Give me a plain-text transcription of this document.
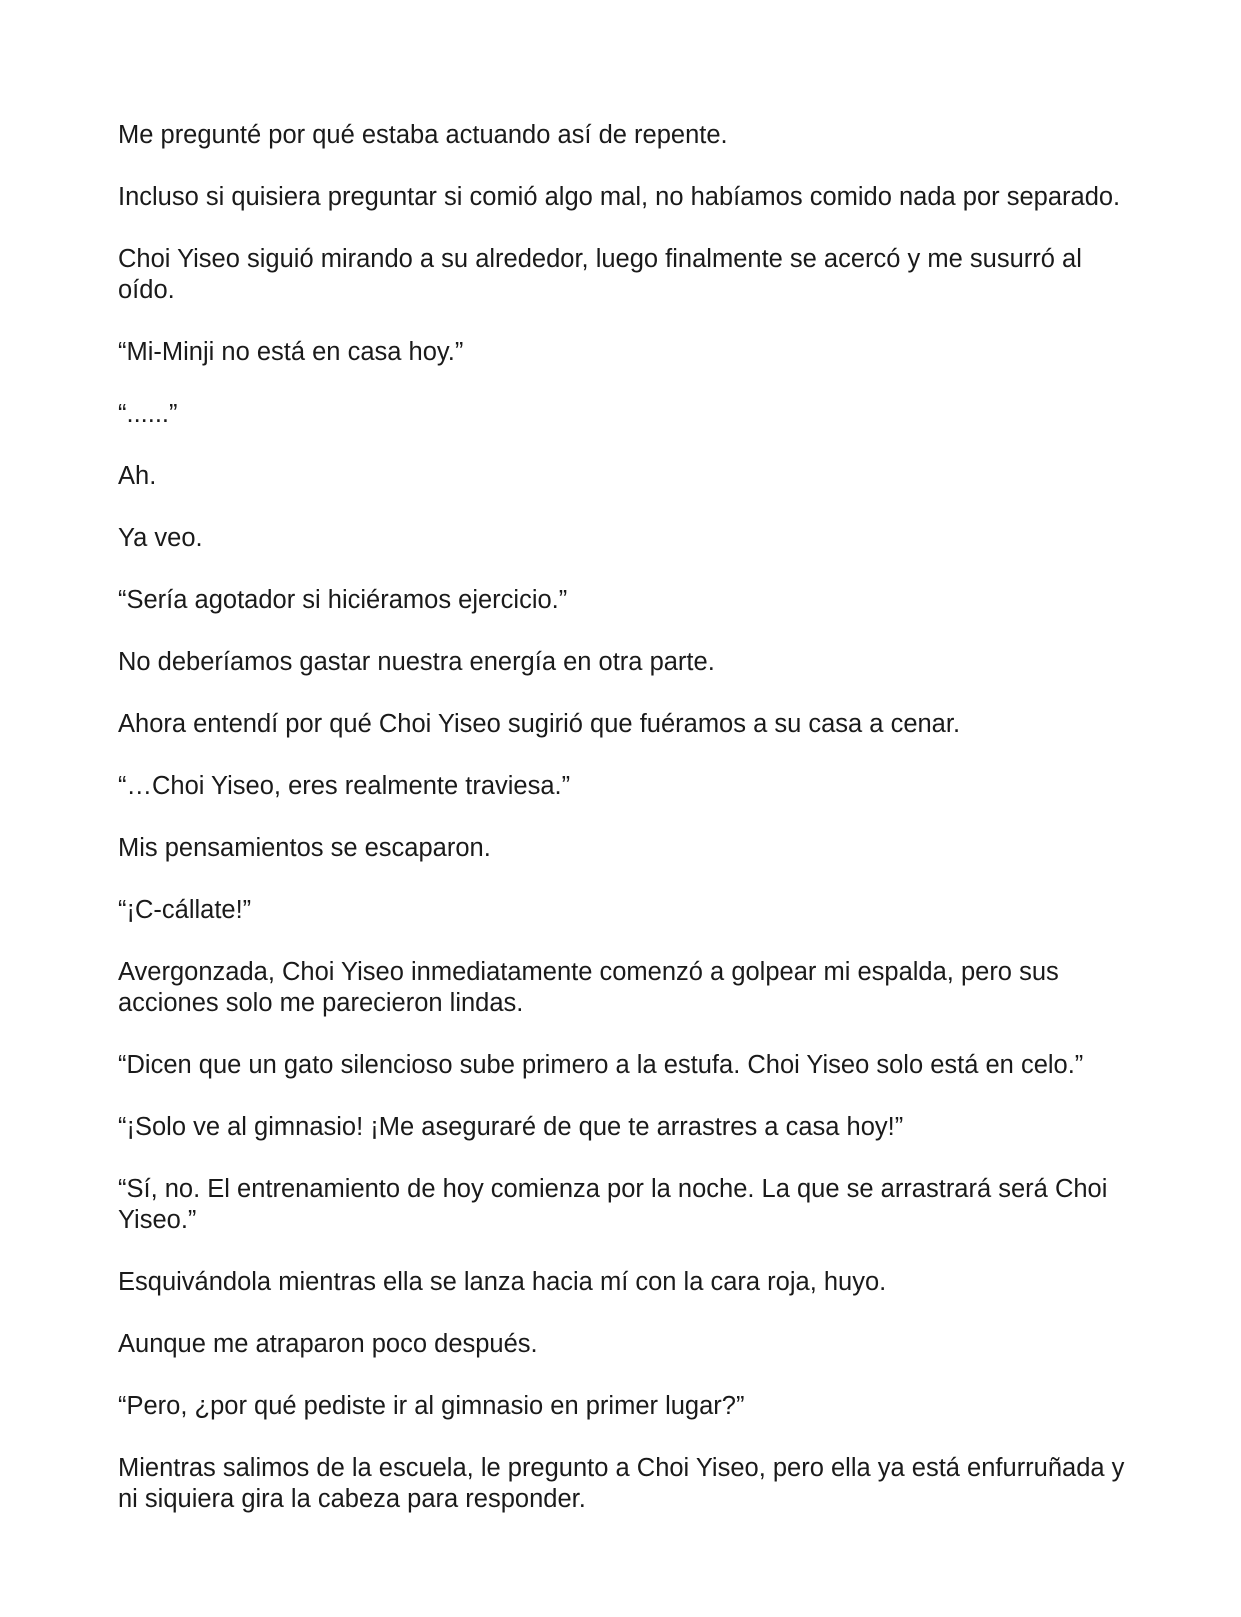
Me pregunté por qué estaba actuando así de repente.

Incluso si quisiera preguntar si comió algo mal, no habíamos comido nada por separado.

Choi Yiseo siguió mirando a su alrededor, luego finalmente se acercó y me susurró al oído.

“Mi-Minji no está en casa hoy.”

“......”

Ah.

Ya veo.

“Sería agotador si hiciéramos ejercicio.”

No deberíamos gastar nuestra energía en otra parte.

Ahora entendí por qué Choi Yiseo sugirió que fuéramos a su casa a cenar.

“…Choi Yiseo, eres realmente traviesa.”

Mis pensamientos se escaparon.

“¡C-cállate!”

Avergonzada, Choi Yiseo inmediatamente comenzó a golpear mi espalda, pero sus acciones solo me parecieron lindas.

“Dicen que un gato silencioso sube primero a la estufa. Choi Yiseo solo está en celo.”

“¡Solo ve al gimnasio! ¡Me aseguraré de que te arrastres a casa hoy!”

“Sí, no. El entrenamiento de hoy comienza por la noche. La que se arrastrará será Choi Yiseo.”

Esquivándola mientras ella se lanza hacia mí con la cara roja, huyo.

Aunque me atraparon poco después.

“Pero, ¿por qué pediste ir al gimnasio en primer lugar?”

Mientras salimos de la escuela, le pregunto a Choi Yiseo, pero ella ya está enfurruñada y ni siquiera gira la cabeza para responder.
